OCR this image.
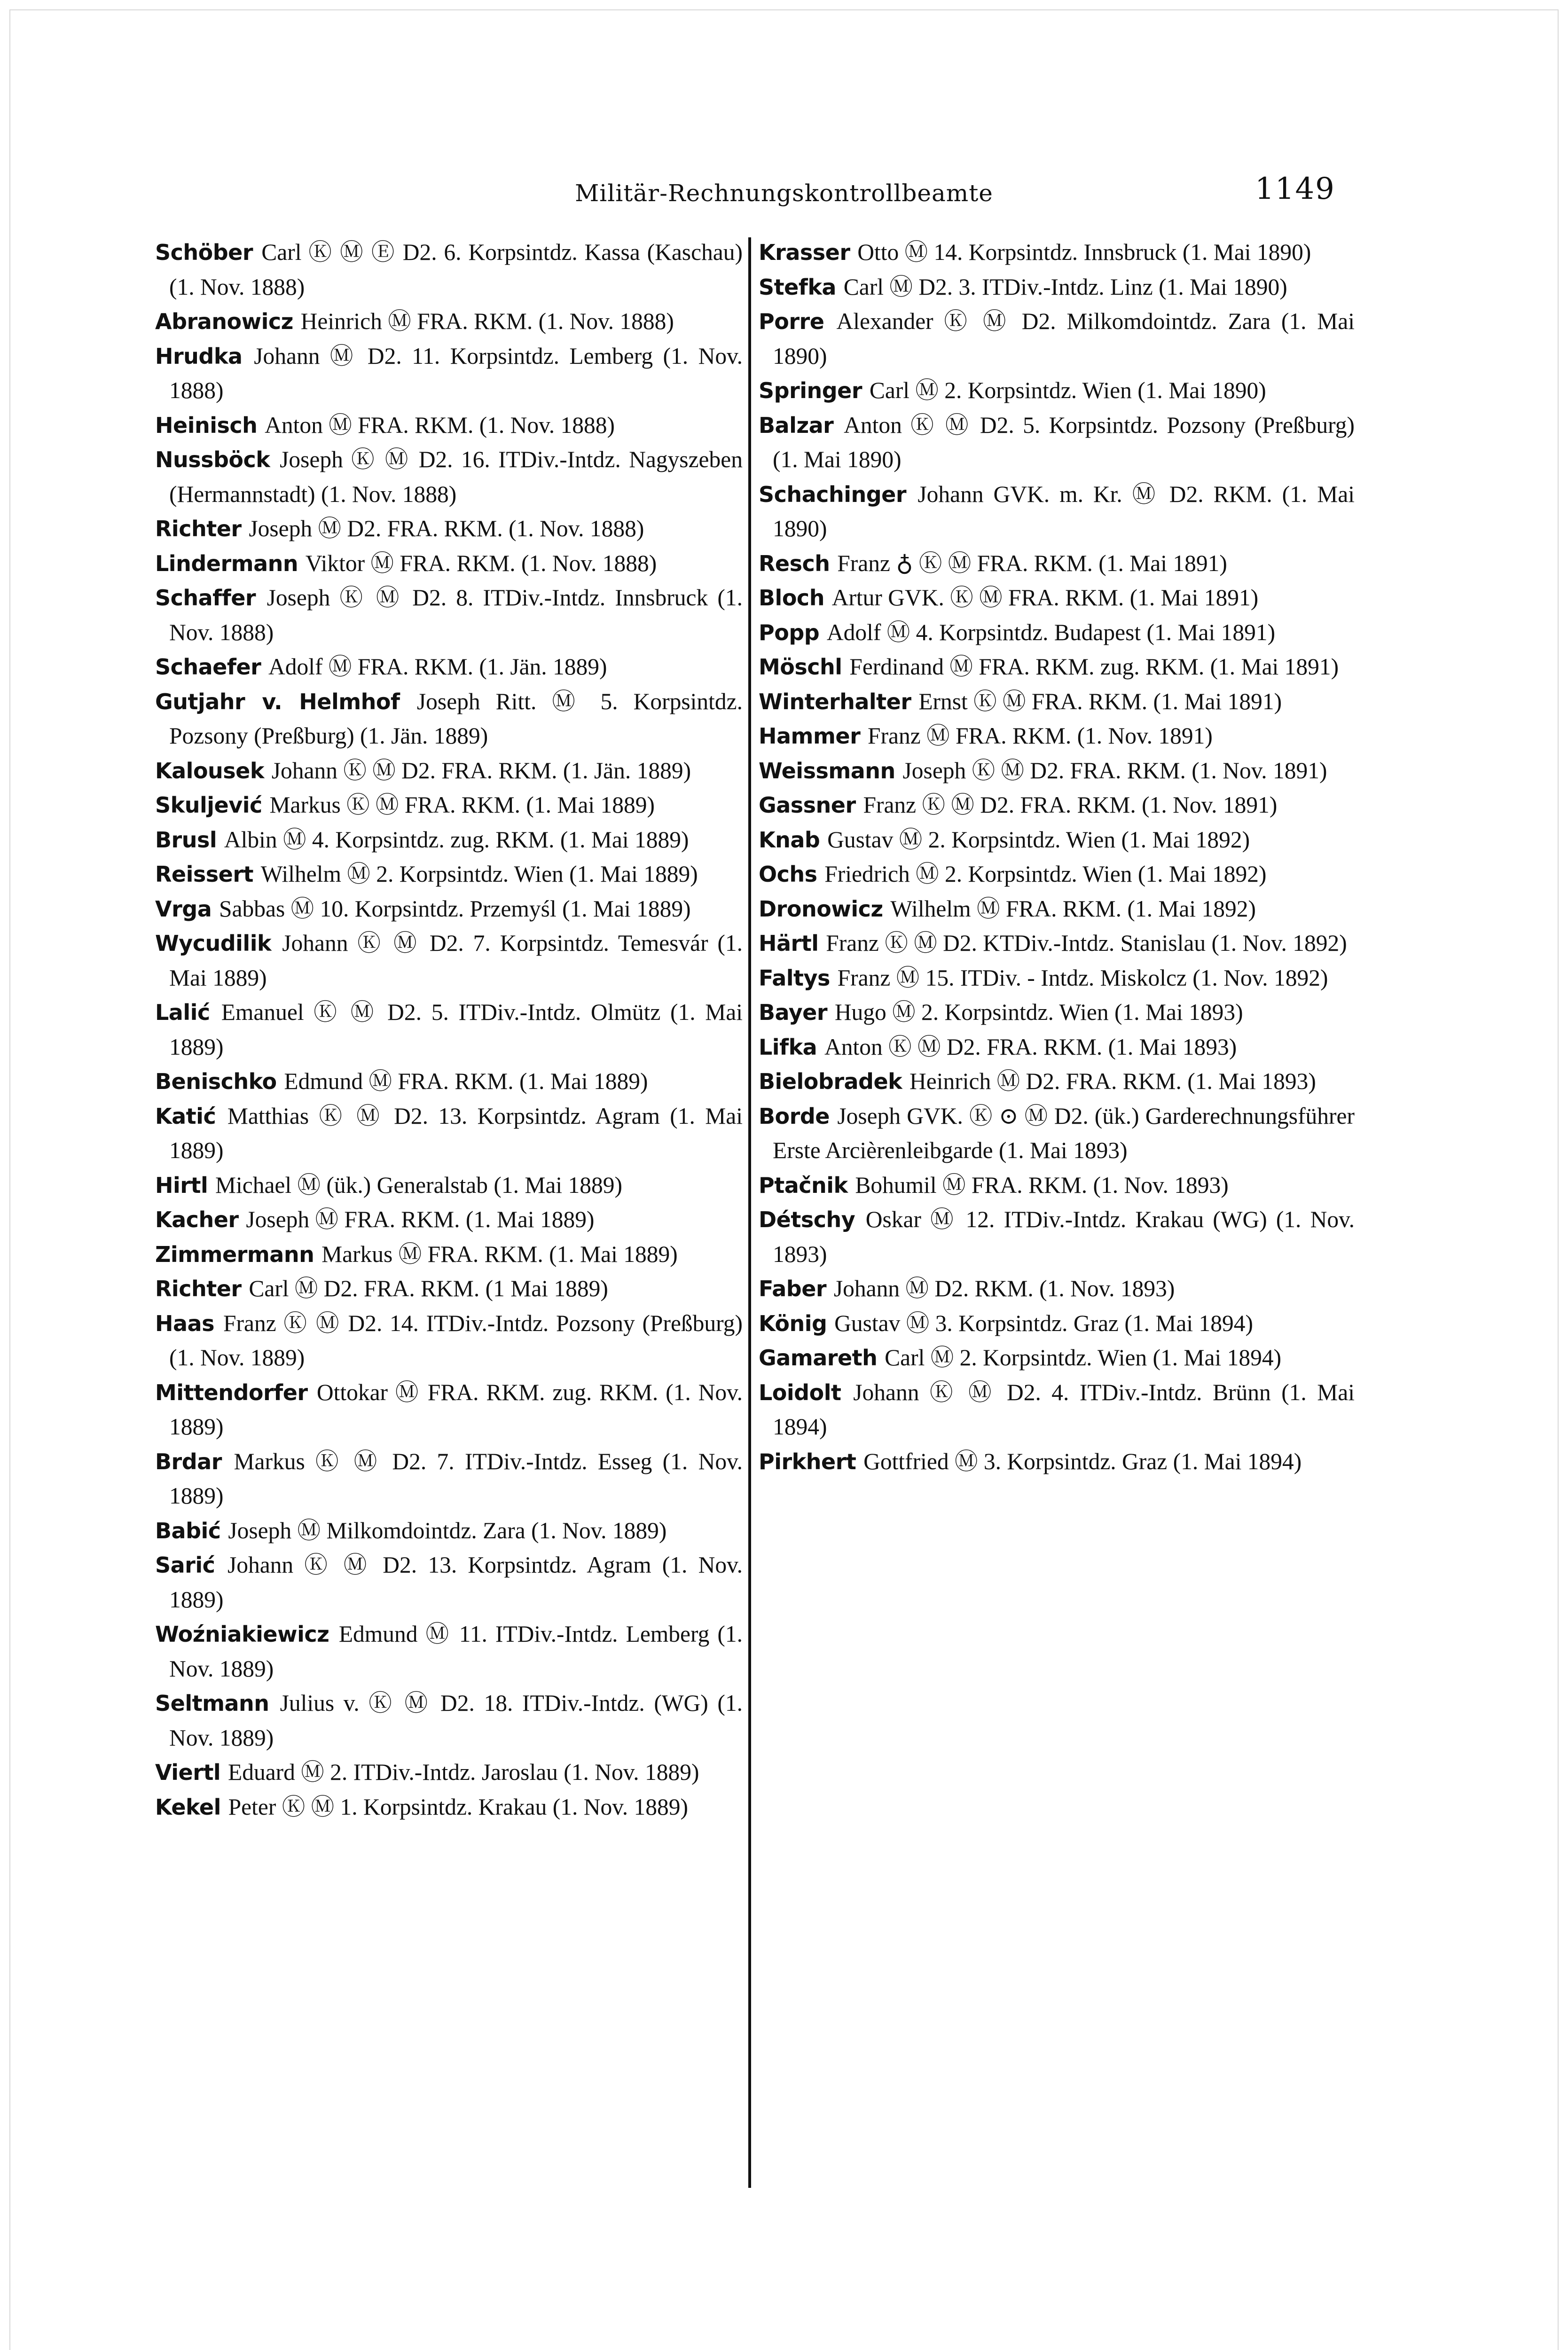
Militär-Rechnungskontrollbeamte	1149

Schöber Carl Ⓚ Ⓜ Ⓔ D2. 6. Korpsintdz. Kassa (Kaschau) (1. Nov. 1888)

Abranowicz Heinrich Ⓜ FRA. RKM. (1. Nov. 1888)

Hrudka Johann Ⓜ D2. 11. Korpsintdz. Lemberg (1. Nov. 1888)

Heinisch Anton Ⓜ FRA. RKM. (1. Nov. 1888)

Nussböck Joseph Ⓚ Ⓜ D2. 16. ITDiv.-Intdz. Nagyszeben (Hermannstadt) (1. Nov. 1888)

Richter Joseph Ⓜ D2. FRA. RKM. (1. Nov. 1888)

Lindermann Viktor Ⓜ FRA. RKM. (1. Nov. 1888)

Schaffer Joseph Ⓚ Ⓜ D2. 8. ITDiv.-Intdz. Innsbruck (1. Nov. 1888)

Schaefer Adolf Ⓜ FRA. RKM. (1. Jän. 1889)

Gutjahr v. Helmhof Joseph Ritt. Ⓜ 5. Korpsintdz. Pozsony (Preßburg) (1. Jän. 1889)

Kalousek Johann Ⓚ Ⓜ D2. FRA. RKM. (1. Jän. 1889)

Skuljević Markus Ⓚ Ⓜ FRA. RKM. (1. Mai 1889)

Brusl Albin Ⓜ 4. Korpsintdz. zug. RKM. (1. Mai 1889)

Reissert Wilhelm Ⓜ 2. Korpsintdz. Wien (1. Mai 1889)

Vrga Sabbas Ⓜ 10. Korpsintdz. Przemyśl (1. Mai 1889)

Wycudilik Johann Ⓚ Ⓜ D2. 7. Korpsintdz. Temesvár (1. Mai 1889)

Lalić Emanuel Ⓚ Ⓜ D2. 5. ITDiv.-Intdz. Olmütz (1. Mai 1889)

Benischko Edmund Ⓜ FRA. RKM. (1. Mai 1889)

Katić Matthias Ⓚ Ⓜ D2. 13. Korpsintdz. Agram (1. Mai 1889)

Hirtl Michael Ⓜ (ük.) Generalstab (1. Mai 1889)

Kacher Joseph Ⓜ FRA. RKM. (1. Mai 1889)

Zimmermann Markus Ⓜ FRA. RKM. (1. Mai 1889)

Richter Carl Ⓜ D2. FRA. RKM. (1 Mai 1889)

Haas Franz Ⓚ Ⓜ D2. 14. ITDiv.-Intdz. Pozsony (Preßburg) (1. Nov. 1889)

Mittendorfer Ottokar Ⓜ FRA. RKM. zug. RKM. (1. Nov. 1889)

Brdar Markus Ⓚ Ⓜ D2. 7. ITDiv.-Intdz. Esseg (1. Nov. 1889)

Babić Joseph Ⓜ Milkomdointdz. Zara (1. Nov. 1889)

Sarić Johann Ⓚ Ⓜ D2. 13. Korpsintdz. Agram (1. Nov. 1889)

Woźniakiewicz Edmund Ⓜ 11. ITDiv.-Intdz. Lemberg (1. Nov. 1889)

Seltmann Julius v. Ⓚ Ⓜ D2. 18. ITDiv.-Intdz. (WG) (1. Nov. 1889)

Viertl Eduard Ⓜ 2. ITDiv.-Intdz. Jaroslau (1. Nov. 1889)

Kekel Peter Ⓚ Ⓜ 1. Korpsintdz. Krakau (1. Nov. 1889)

Krasser Otto Ⓜ 14. Korpsintdz. Innsbruck (1. Mai 1890)

Stefka Carl Ⓜ D2. 3. ITDiv.-Intdz. Linz (1. Mai 1890)

Porre Alexander Ⓚ Ⓜ D2. Milkomdointdz. Zara (1. Mai 1890)

Springer Carl Ⓜ 2. Korpsintdz. Wien (1. Mai 1890)

Balzar Anton Ⓚ Ⓜ D2. 5. Korpsintdz. Pozsony (Preßburg) (1. Mai 1890)

Schachinger Johann GVK. m. Kr. Ⓜ D2. RKM. (1. Mai 1890)

Resch Franz ♁ Ⓚ Ⓜ FRA. RKM. (1. Mai 1891)

Bloch Artur GVK. Ⓚ Ⓜ FRA. RKM. (1. Mai 1891)

Popp Adolf Ⓜ 4. Korpsintdz. Budapest (1. Mai 1891)

Möschl Ferdinand Ⓜ FRA. RKM. zug. RKM. (1. Mai 1891)

Winterhalter Ernst Ⓚ Ⓜ FRA. RKM. (1. Mai 1891)

Hammer Franz Ⓜ FRA. RKM. (1. Nov. 1891)

Weissmann Joseph Ⓚ Ⓜ D2. FRA. RKM. (1. Nov. 1891)

Gassner Franz Ⓚ Ⓜ D2. FRA. RKM. (1. Nov. 1891)

Knab Gustav Ⓜ 2. Korpsintdz. Wien (1. Mai 1892)

Ochs Friedrich Ⓜ 2. Korpsintdz. Wien (1. Mai 1892)

Dronowicz Wilhelm Ⓜ FRA. RKM. (1. Mai 1892)

Härtl Franz Ⓚ Ⓜ D2. KTDiv.-Intdz. Stanislau (1. Nov. 1892)

Faltys Franz Ⓜ 15. ITDiv. - Intdz. Miskolcz (1. Nov. 1892)

Bayer Hugo Ⓜ 2. Korpsintdz. Wien (1. Mai 1893)

Lifka Anton Ⓚ Ⓜ D2. FRA. RKM. (1. Mai 1893)

Bielobradek Heinrich Ⓜ D2. FRA. RKM. (1. Mai 1893)

Borde Joseph GVK. Ⓚ ⊙ Ⓜ D2. (ük.) Garderechnungsführer Erste Arcièrenleibgarde (1. Mai 1893)

Ptačnik Bohumil Ⓜ FRA. RKM. (1. Nov. 1893)

Détschy Oskar Ⓜ 12. ITDiv.-Intdz. Krakau (WG) (1. Nov. 1893)

Faber Johann Ⓜ D2. RKM. (1. Nov. 1893)

König Gustav Ⓜ 3. Korpsintdz. Graz (1. Mai 1894)

Gamareth Carl Ⓜ 2. Korpsintdz. Wien (1. Mai 1894)

Loidolt Johann Ⓚ Ⓜ D2. 4. ITDiv.-Intdz. Brünn (1. Mai 1894)

Pirkhert Gottfried Ⓜ 3. Korpsintdz. Graz (1. Mai 1894)
